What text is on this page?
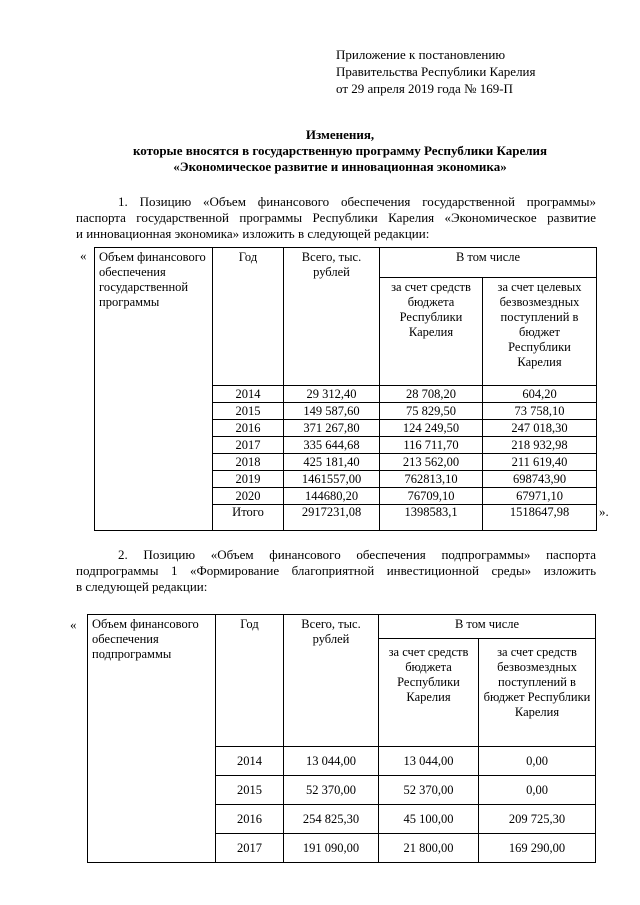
Приложение к постановлению
Правительства Республики Карелия
от 29 апреля 2019 года № 169-П
Изменения,
которые вносятся в государственную программу Республики Карелия
«Экономическое развитие и инновационная экономика»
1. Позицию «Объем финансового обеспечения государственной программы»
паспорта государственной программы Республики Карелия «Экономическое развитие
и инновационная экономика» изложить в следующей редакции:
«
».
Объем финансового обеспечения государственной программы	Год	Всего, тыс. рублей	В том числе	
			за счет средств бюджета Республики Карелия	за счет целевых безвозмездных поступлений в бюджет Республики Карелия
	2014	29 312,40	28 708,20	604,20
	2015	149 587,60	75 829,50	73 758,10
	2016	371 267,80	124 249,50	247 018,30
	2017	335 644,68	116 711,70	218 932,98
	2018	425 181,40	213 562,00	211 619,40
	2019	1461557,00	762813,10	698743,90
	2020	144680,20	76709,10	67971,10
	Итого	2917231,08	1398583,1	1518647,98
2. Позицию «Объем финансового обеспечения подпрограммы» паспорта
подпрограммы 1 «Формирование благоприятной инвестиционной среды» изложить
в следующей редакции:
« Объем финансового обеспечения подпрограммы	Год	Всего, тыс. рублей	В том числе	
			за счет средств бюджета Республики Карелия	за счет средств безвозмездных поступлений в бюджет Республики Карелия
	2014	13 044,00	13 044,00	0,00
	2015	52 370,00	52 370,00	0,00
	2016	254 825,30	45 100,00	209 725,30
	2017	191 090,00	21 800,00	169 290,00
